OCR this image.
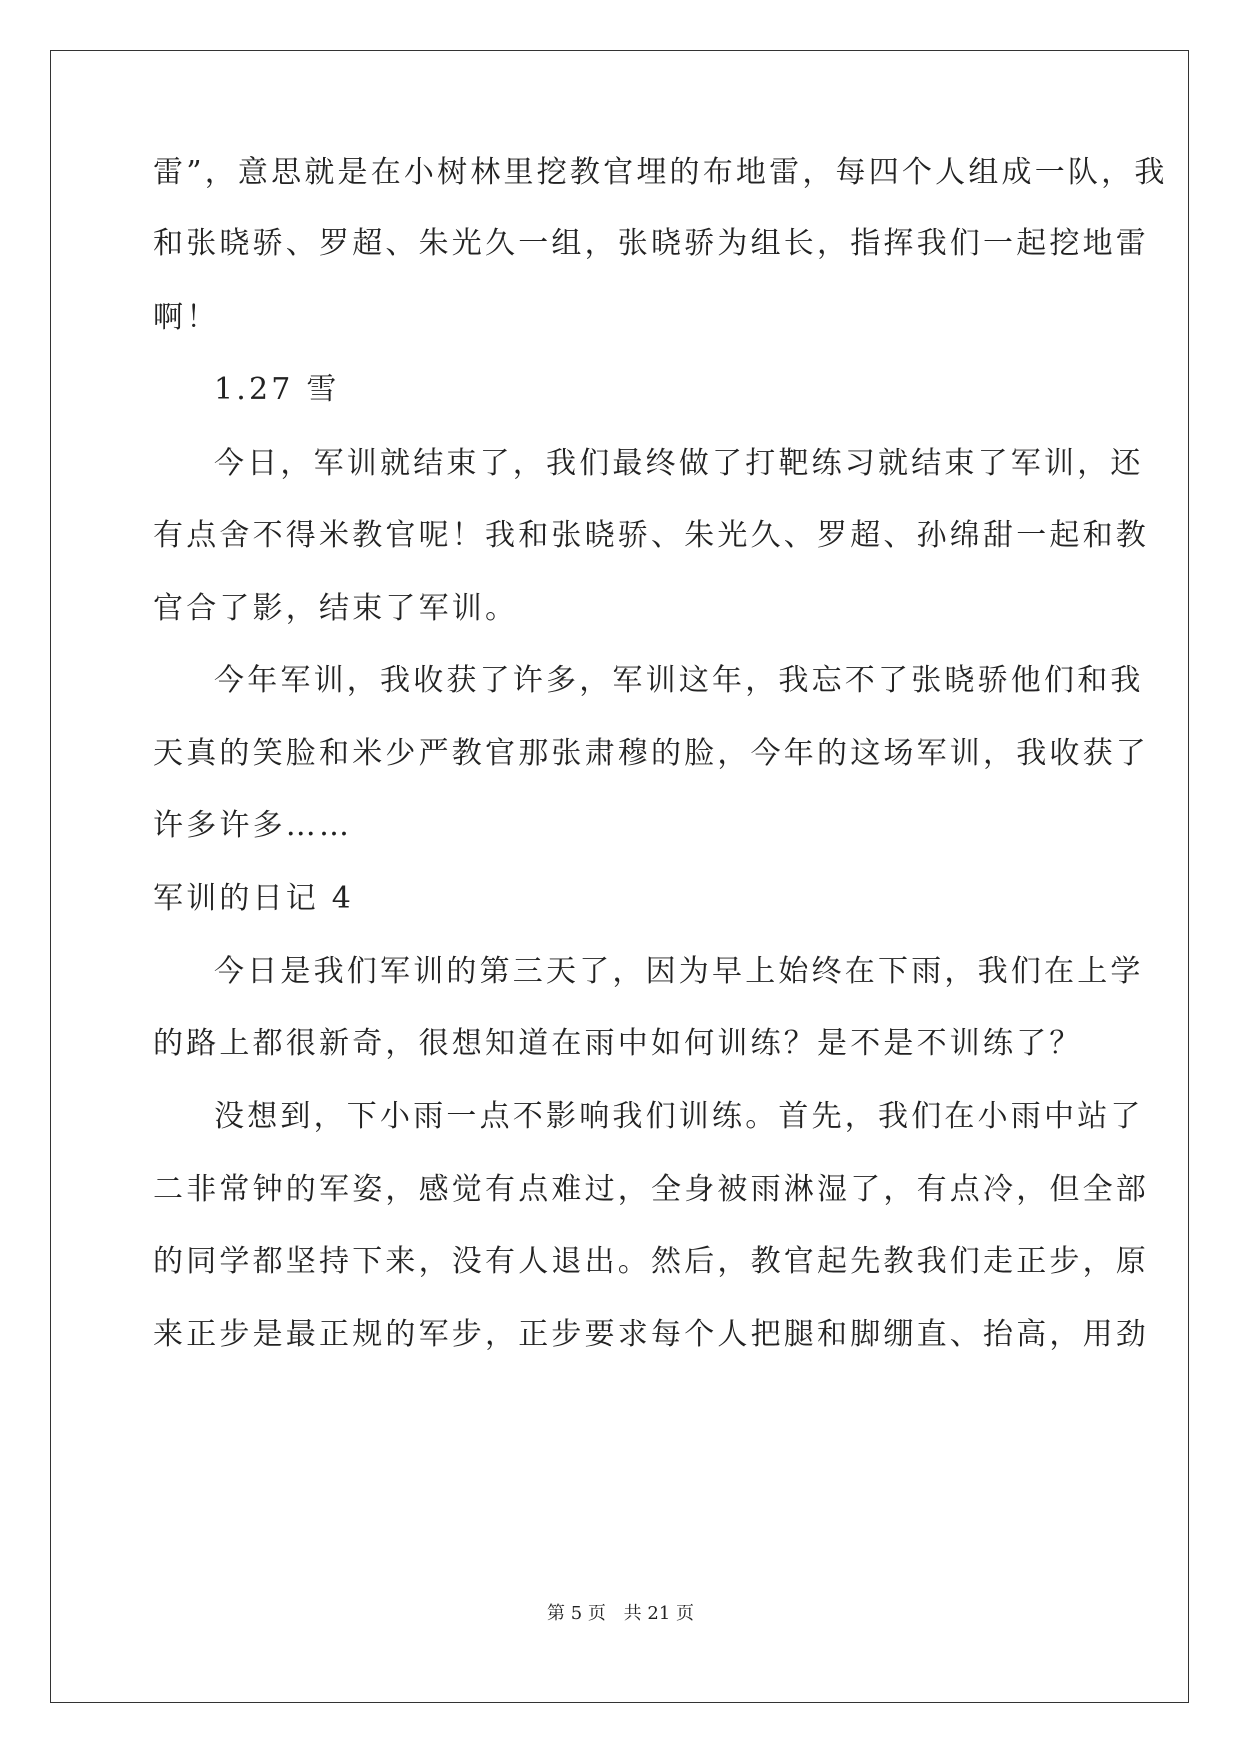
雷”，意思就是在小树林里挖教官埋的布地雷，每四个人组成一队，我
和张晓骄、罗超、朱光久一组，张晓骄为组长，指挥我们一起挖地雷
啊！
1.27 雪
今日，军训就结束了，我们最终做了打靶练习就结束了军训，还
有点舍不得米教官呢！我和张晓骄、朱光久、罗超、孙绵甜一起和教
官合了影，结束了军训。
今年军训，我收获了许多，军训这年，我忘不了张晓骄他们和我
天真的笑脸和米少严教官那张肃穆的脸，今年的这场军训，我收获了
许多许多……
军训的日记 4
今日是我们军训的第三天了，因为早上始终在下雨，我们在上学
的路上都很新奇，很想知道在雨中如何训练？是不是不训练了？
没想到，下小雨一点不影响我们训练。首先，我们在小雨中站了
二非常钟的军姿，感觉有点难过，全身被雨淋湿了，有点冷，但全部
的同学都坚持下来，没有人退出。然后，教官起先教我们走正步，原
来正步是最正规的军步，正步要求每个人把腿和脚绷直、抬高，用劲
第 5 页 共 21 页
